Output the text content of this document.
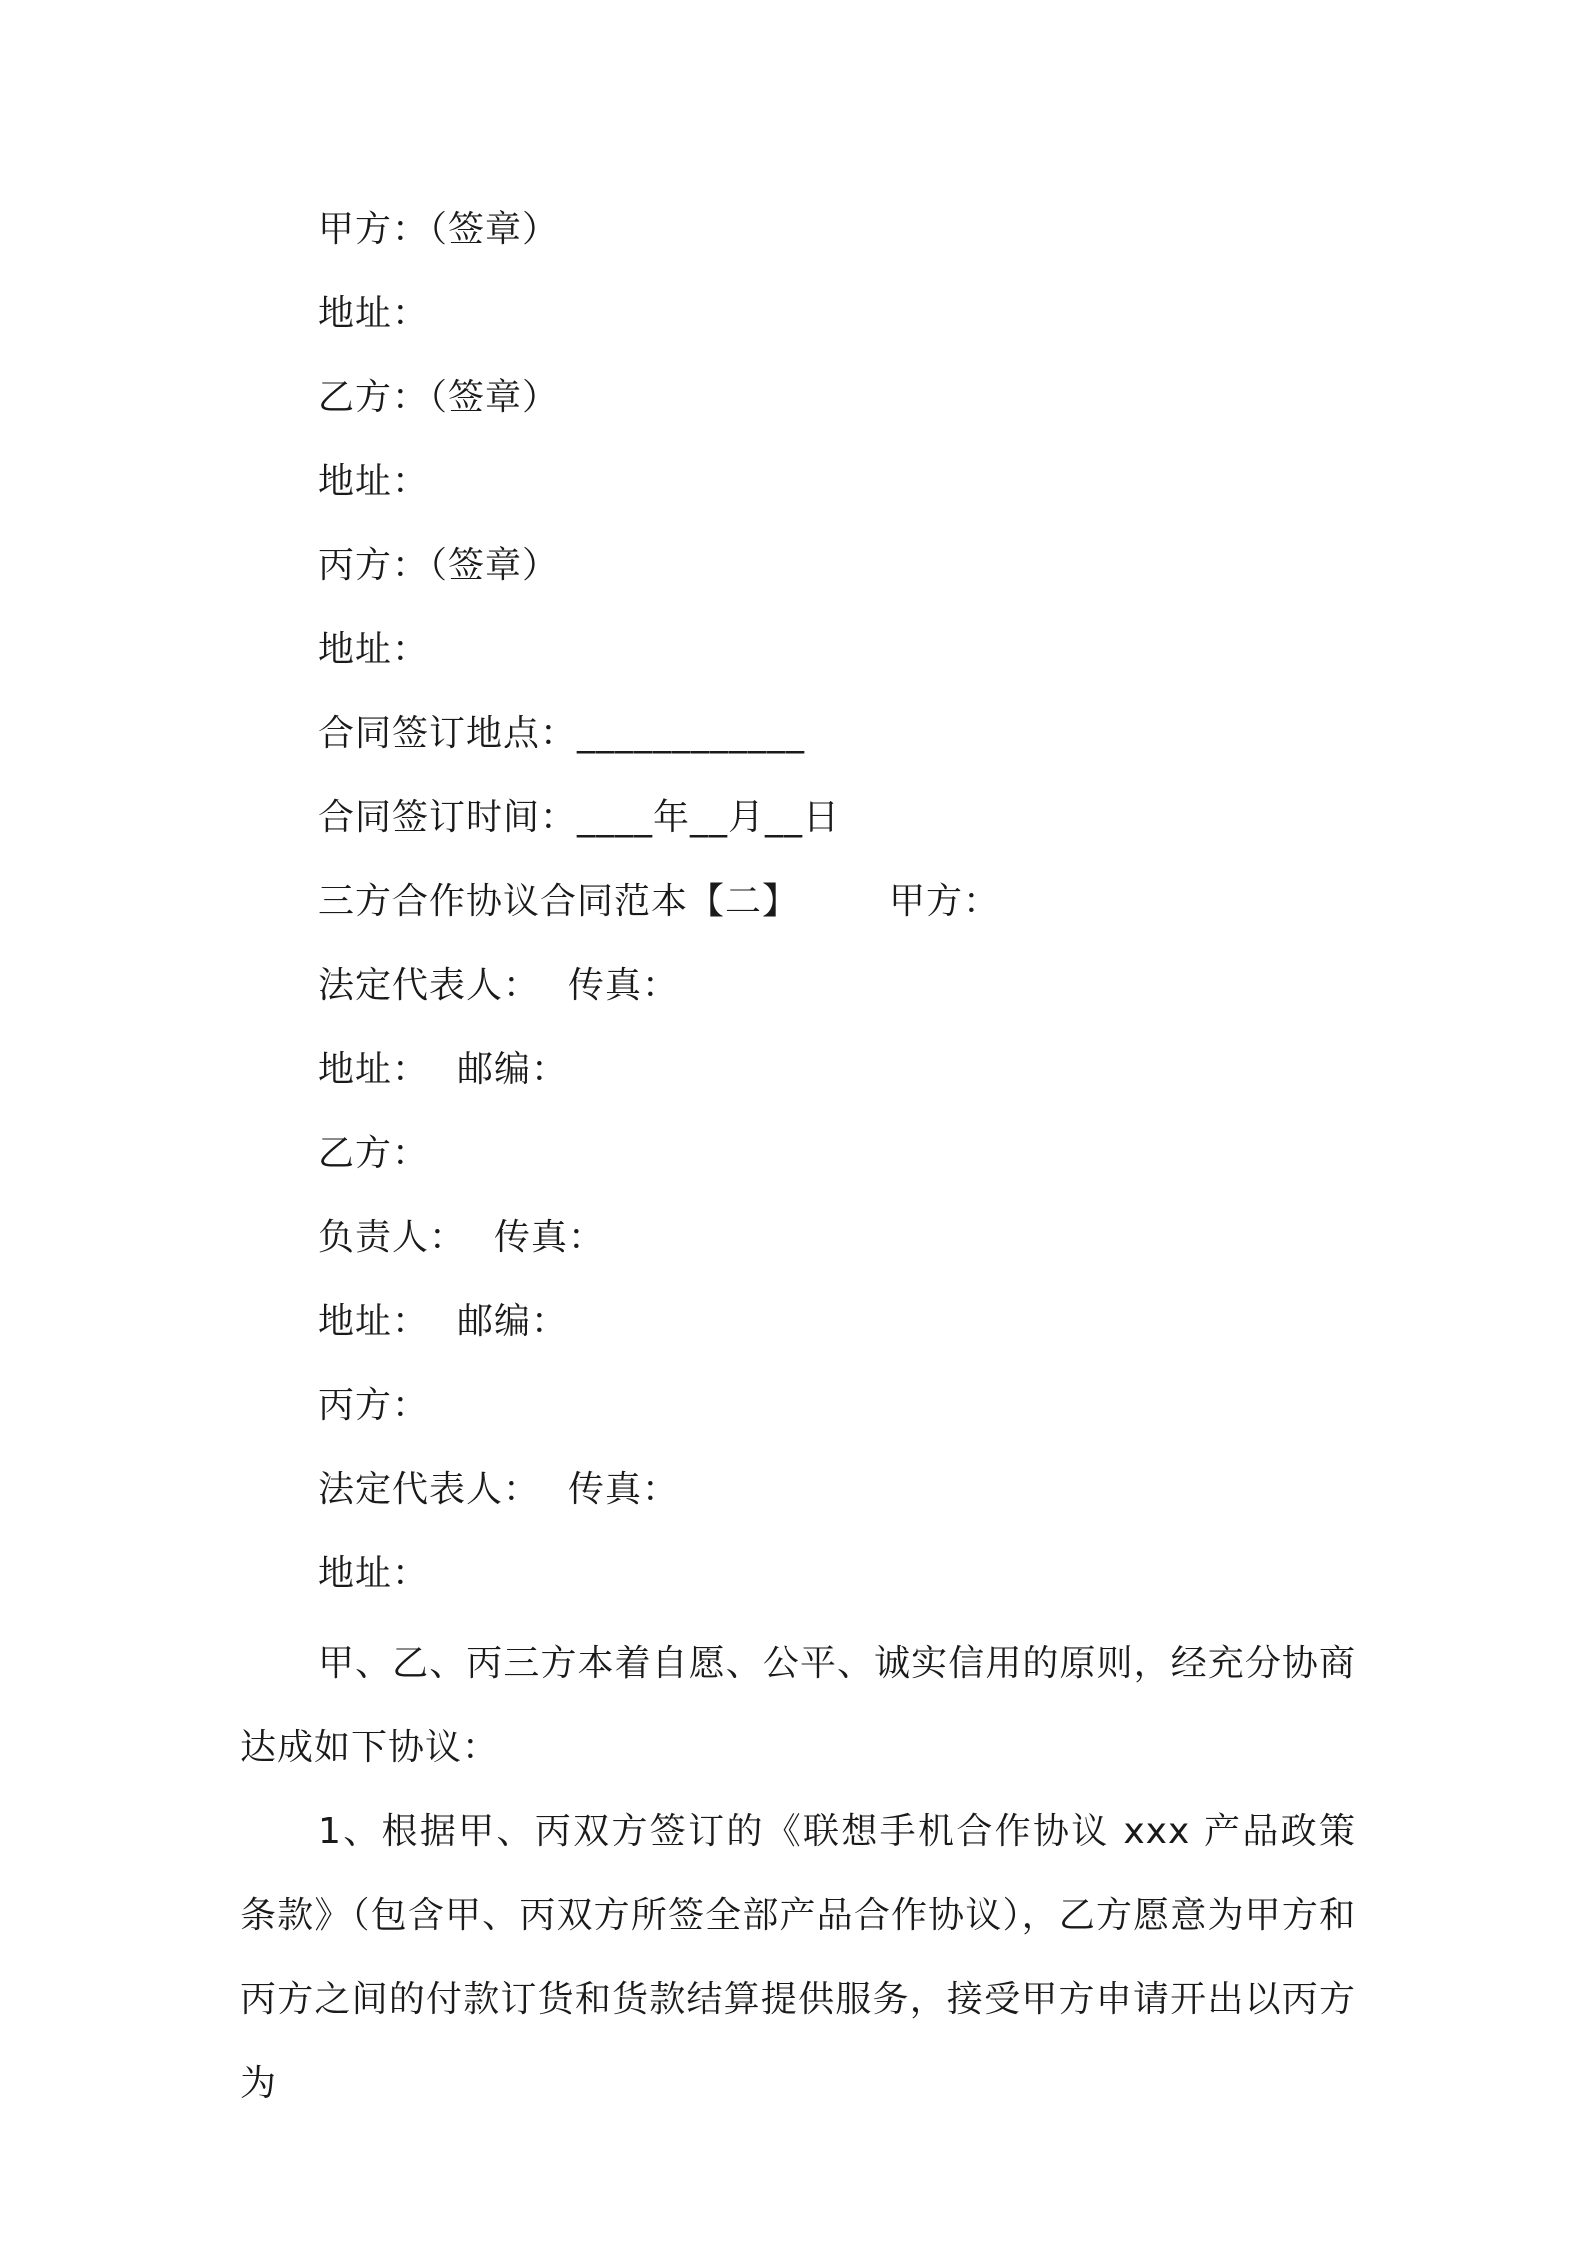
甲方：（签章）
地址：
乙方：（签章）
地址：
丙方：（签章）
地址：
合同签订地点：____________
合同签订时间：____年__月__日
三方合作协议合同范本【二】	甲方：
法定代表人： 传真：
地址： 邮编：
乙方：
负责人： 传真：
地址： 邮编：
丙方：
法定代表人： 传真：
地址：
甲、乙、丙三方本着自愿、公平、诚实信用的原则，经充分协商达成如下协议：
1、根据甲、丙双方签订的《联想手机合作协议 xxx 产品政策条款》（包含甲、丙双方所签全部产品合作协议），乙方愿意为甲方和丙方之间的付款订货和货款结算提供服务，接受甲方申请开出以丙方为
